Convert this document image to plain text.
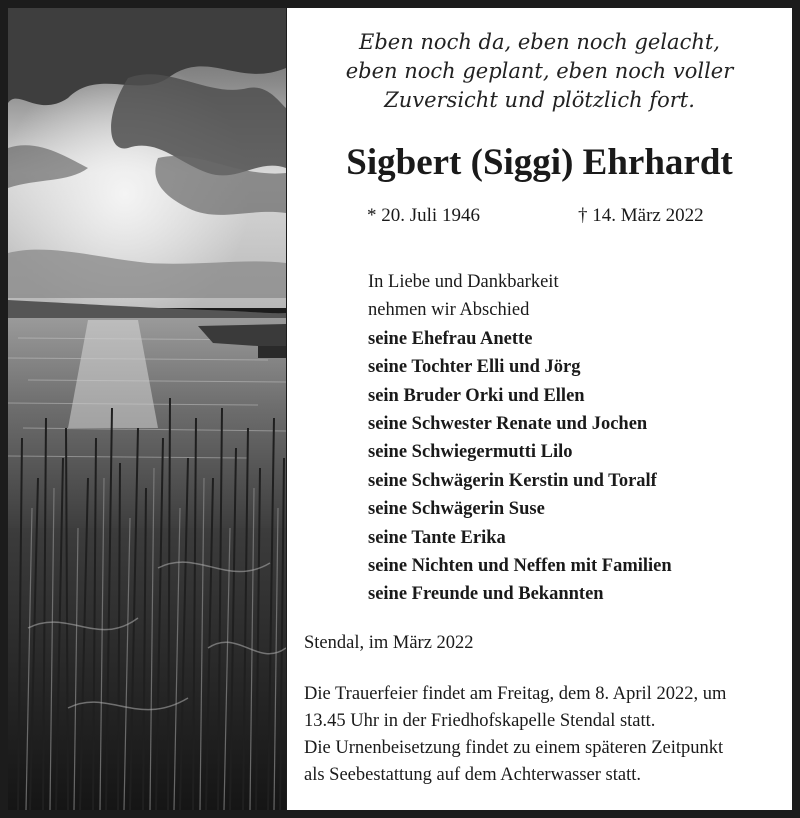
Eben noch da, eben noch gelacht,
eben noch geplant, eben noch voller
Zuversicht und plötzlich fort.
Sigbert (Siggi) Ehrhardt
* 20. Juli 1946	† 14. März 2022
In Liebe und Dankbarkeit
nehmen wir Abschied
seine Ehefrau Anette
seine Tochter Elli und Jörg
sein Bruder Orki und Ellen
seine Schwester Renate und Jochen
seine Schwiegermutti Lilo
seine Schwägerin Kerstin und Toralf
seine Schwägerin Suse
seine Tante Erika
seine Nichten und Neffen mit Familien
seine Freunde und Bekannten
Stendal, im März 2022
Die Trauerfeier findet am Freitag, dem 8. April 2022, um
13.45 Uhr in der Friedhofskapelle Stendal statt.
Die Urnenbeisetzung findet zu einem späteren Zeitpunkt
als Seebestattung auf dem Achterwasser statt.
